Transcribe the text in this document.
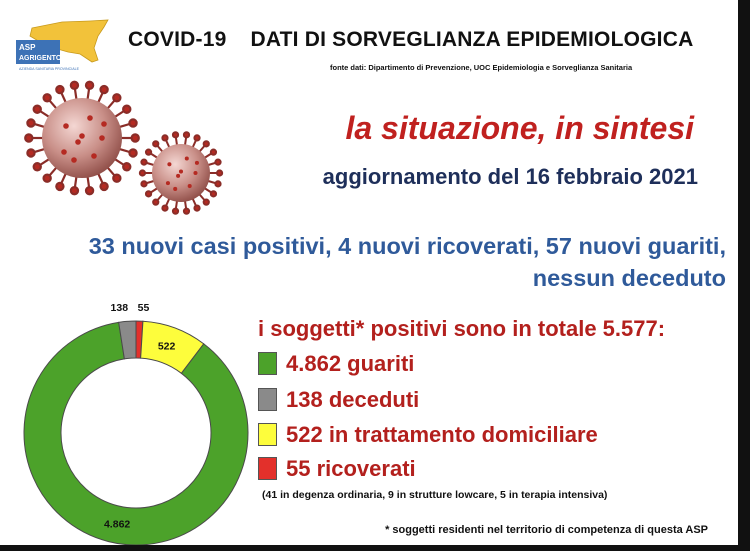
ASP
AGRIGENTO
AZIENDA SANITARIA PROVINCIALE
COVID-19 DATI DI SORVEGLIANZA EPIDEMIOLOGICA
fonte dati: Dipartimento di Prevenzione, UOC Epidemiologia e Sorveglianza Sanitaria
la situazione, in sintesi
aggiornamento del 16 febbraio 2021
33 nuovi casi positivi, 4 nuovi ricoverati, 57 nuovi guariti,
nessun deceduto
4.862
522
138 55
i soggetti* positivi sono in totale 5.577:
4.862 guariti
138 deceduti
522 in trattamento domiciliare
55 ricoverati
(41 in degenza ordinaria, 9 in strutture lowcare, 5 in terapia intensiva)
* soggetti residenti nel territorio di competenza di questa ASP
